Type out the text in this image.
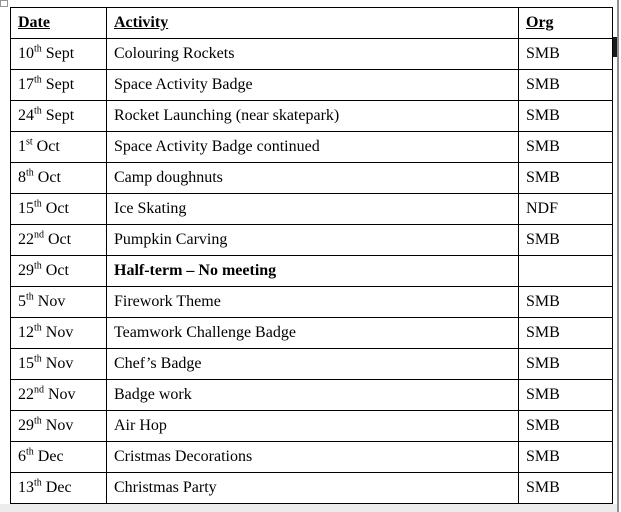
Date	Activity	Org
10th Sept	Colouring Rockets	SMB
17th Sept	Space Activity Badge	SMB
24th Sept	Rocket Launching (near skatepark)	SMB
1st Oct	Space Activity Badge continued	SMB
8th Oct	Camp doughnuts	SMB
15th Oct	Ice Skating	NDF
22nd Oct	Pumpkin Carving	SMB
29th Oct	Half-term – No meeting	
5th Nov	Firework Theme	SMB
12th Nov	Teamwork Challenge Badge	SMB
15th Nov	Chef’s Badge	SMB
22nd Nov	Badge work	SMB
29th Nov	Air Hop	SMB
6th Dec	Cristmas Decorations	SMB
13th Dec	Christmas Party	SMB
